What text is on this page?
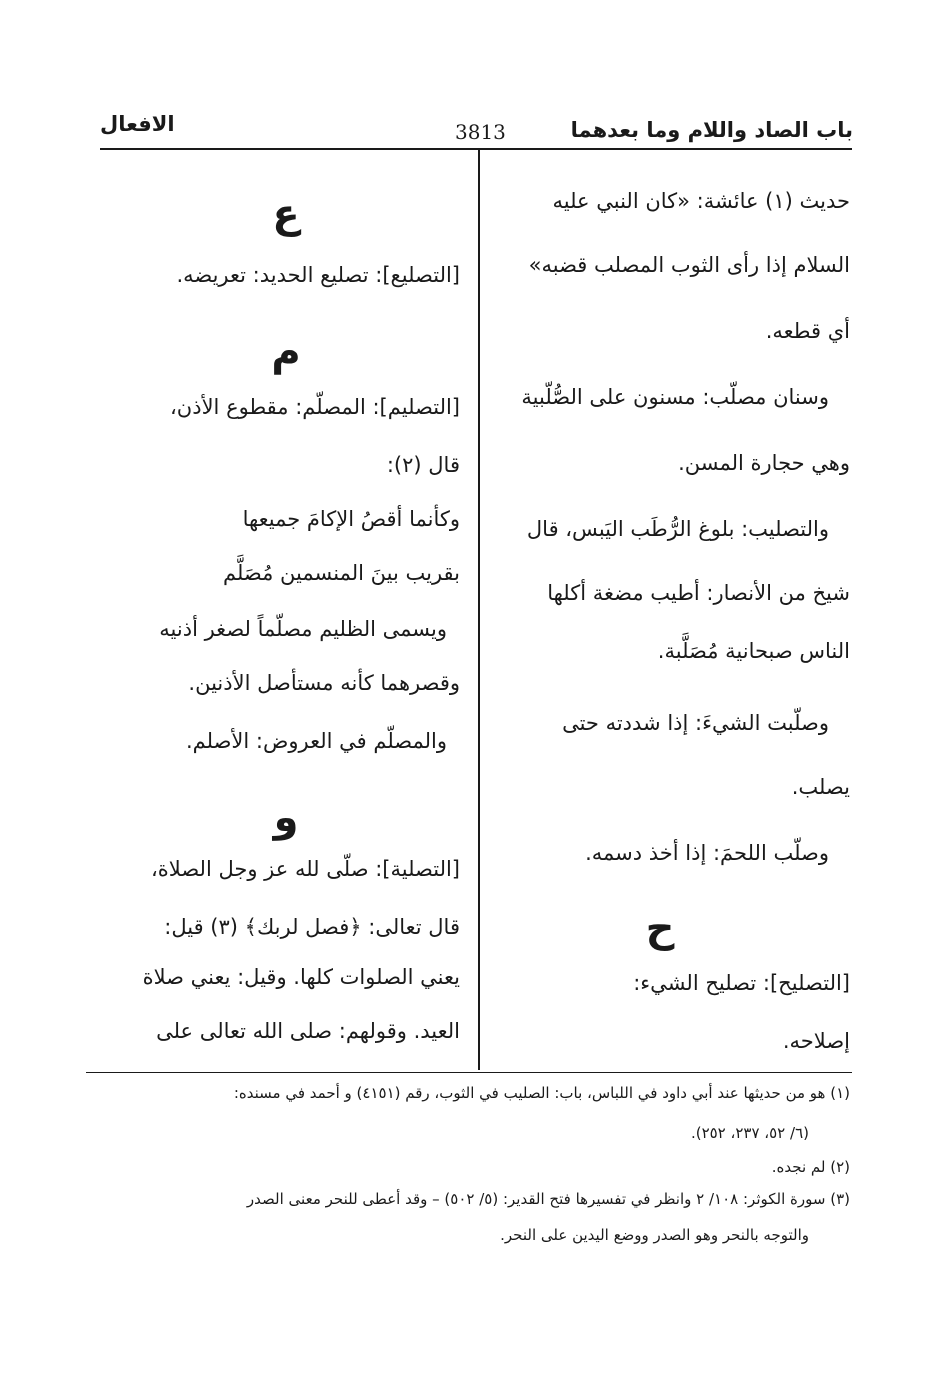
باب الصاد واللام وما بعدهما
3813
الافعال
حديث (١) عائشة: «كان النبي عليه
السلام إذا رأى الثوب المصلب قضبه»
أي قطعه.
وسنان مصلّب: مسنون على الصُّلّبية
وهي حجارة المسن.
والتصليب: بلوغ الرُّطَب اليَبس، قال
شيخ من الأنصار: أطيب مضغة أكلها
الناس صبحانية مُصَلَّبة.
وصلّبت الشيءَ: إذا شددته حتى
يصلب.
وصلّب اللحمَ: إذا أخذ دسمه.
ح
[التصليح]: تصليح الشيء:
إصلاحه.
ع
[التصليع]: تصليع الحديد: تعريضه.
م
[التصليم]: المصلّم: مقطوع الأذن،
قال (٢):
وكأنما أقصُ الإكامَ جميعها
بقريب بينَ المنسمين مُصَلَّم
ويسمى الظليم مصلّماً لصغر أذنيه
وقصرهما كأنه مستأصل الأذنين.
والمصلّم في العروض: الأصلم.
و
[التصلية]: صلّى لله عز وجل الصلاة،
قال تعالى: ﴿فصل لربك﴾ (٣) قيل:
يعني الصلوات كلها. وقيل: يعني صلاة
العيد. وقولهم: صلى الله تعالى على
(١) هو من حديثها عند أبي داود في اللباس، باب: الصليب في الثوب، رقم (٤١٥١) و أحمد في مسنده:
(٦/ ٥٢، ٢٣٧، ٢٥٢).
(٢) لم نجده.
(٣) سورة الكوثر: ١٠٨/ ٢ وانظر في تفسيرها فتح القدير: (٥/ ٥٠٢) – وقد أعطى للنحر معنى الصدر
والتوجه بالنحر وهو الصدر ووضع اليدين على النحر.
